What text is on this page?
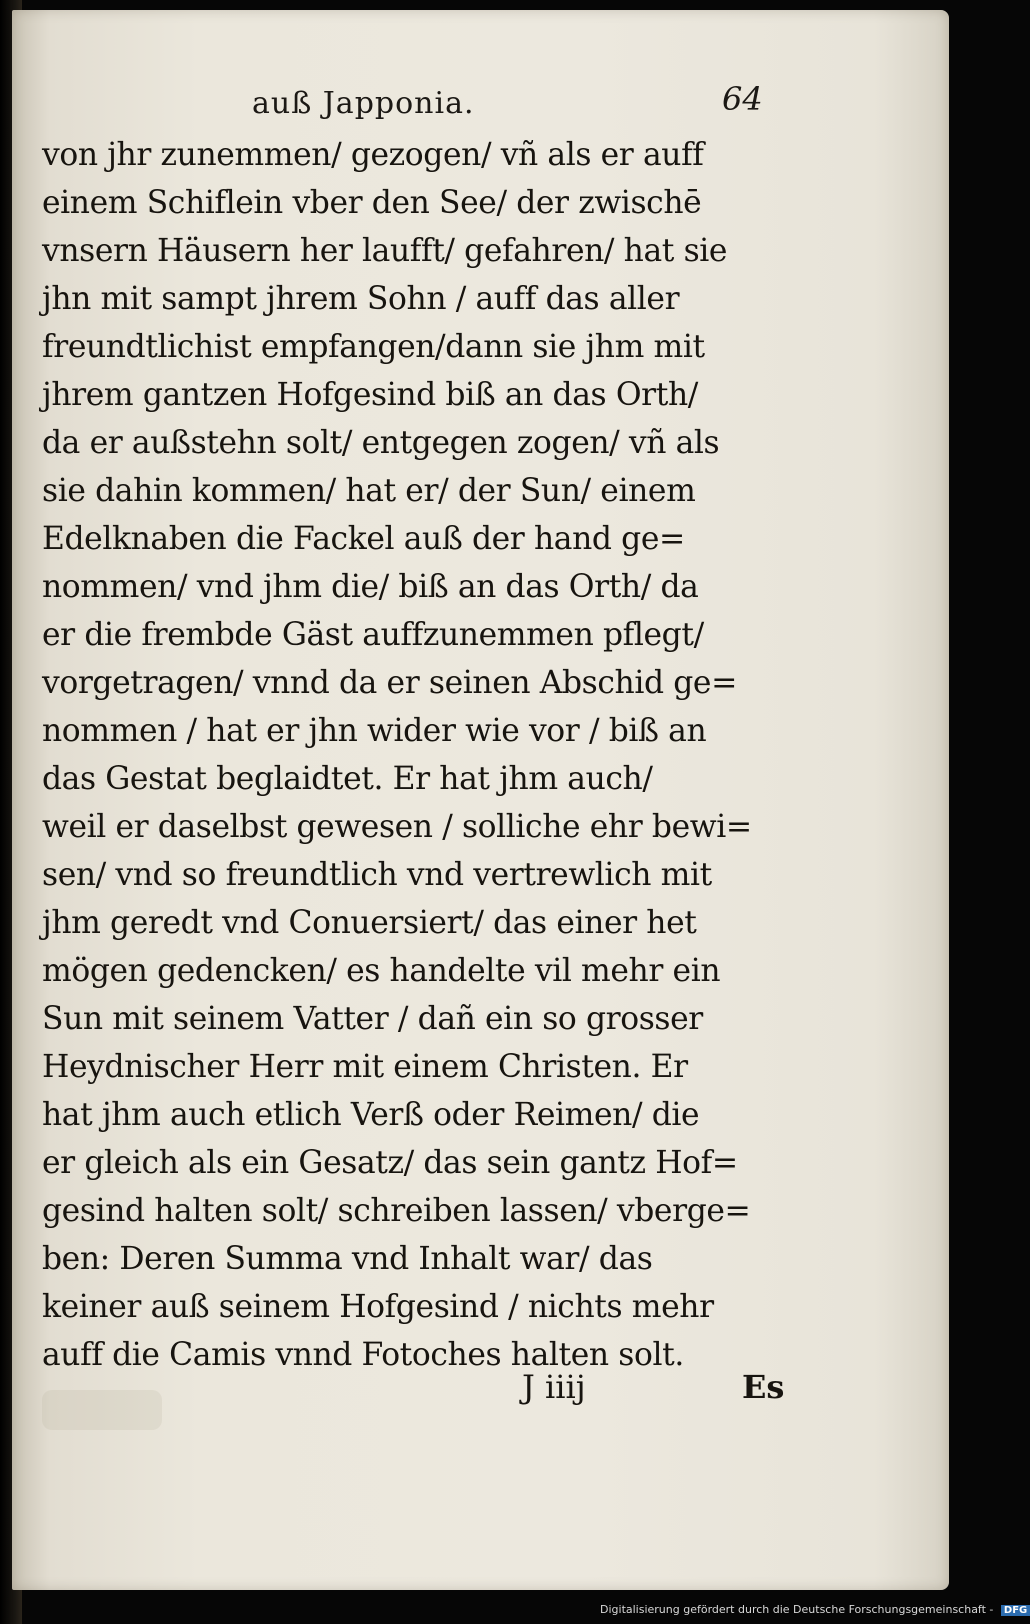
auß Japponia.	64
von jhr zunemmen/ gezogen/ vñ als er auff
einem Schiflein vber den See/ der zwischē
vnsern Häusern her laufft/ gefahren/ hat sie
jhn mit sampt jhrem Sohn / auff das aller
freundtlichist empfangen/dann sie jhm mit
jhrem gantzen Hofgesind biß an das Orth/
da er außstehn solt/ entgegen zogen/ vñ als
sie dahin kommen/ hat er/ der Sun/ einem
Edelknaben die Fackel auß der hand ge=
nommen/ vnd jhm die/ biß an das Orth/ da
er die frembde Gäst auffzunemmen pflegt/
vorgetragen/ vnnd da er seinen Abschid ge=
nommen / hat er jhn wider wie vor / biß an
das Gestat beglaidtet. Er hat jhm auch/
weil er daselbst gewesen / solliche ehr bewi=
sen/ vnd so freundtlich vnd vertrewlich mit
jhm geredt vnd Conuersiert/ das einer het
mögen gedencken/ es handelte vil mehr ein
Sun mit seinem Vatter / dañ ein so grosser
Heydnischer Herr mit einem Christen. Er
hat jhm auch etlich Verß oder Reimen/ die
er gleich als ein Gesatz/ das sein gantz Hof=
gesind halten solt/ schreiben lassen/ vberge=
ben: Deren Summa vnd Inhalt war/ das
keiner auß seinem Hofgesind / nichts mehr
auff die Camis vnnd Fotoches halten solt.
J iiij	Es
Digitalisierung gefördert durch die Deutsche Forschungsgemeinschaft - DFG
